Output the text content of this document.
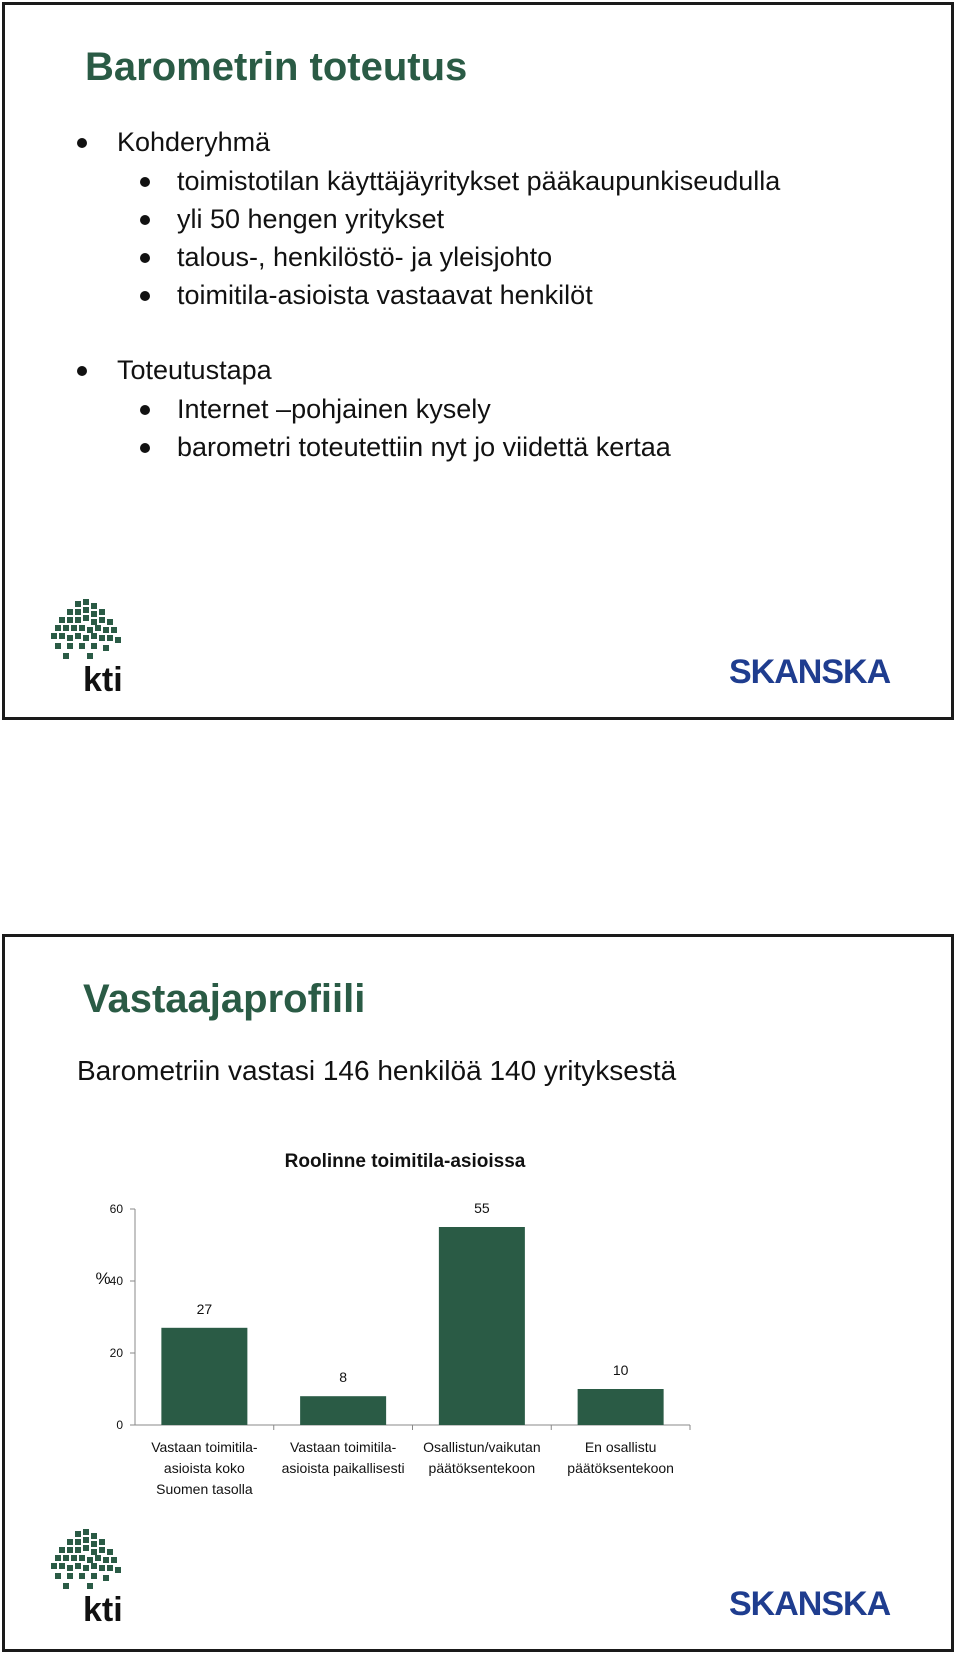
Barometrin toteutus
Kohderyhmä
toimistotilan käyttäjäyritykset pääkaupunkiseudulla
yli 50 hengen yritykset
talous-, henkilöstö- ja yleisjohto
toimitila-asioista vastaavat henkilöt
Toteutustapa
Internet –pohjainen kysely
barometri toteutettiin nyt jo viidettä kertaa
kti	SKANSKA
Vastaajaprofiili
Barometriin vastasi 146 henkilöä 140 yrityksestä
Roolinne toimitila-asioissa
%
0
20
40
60
27
Vastaan toimitila-
asioista koko
Suomen tasolla
8
Vastaan toimitila-
asioista paikallisesti
55
Osallistun/vaikutan
päätöksentekoon
10
En osallistu
päätöksentekoon
kti	SKANSKA
